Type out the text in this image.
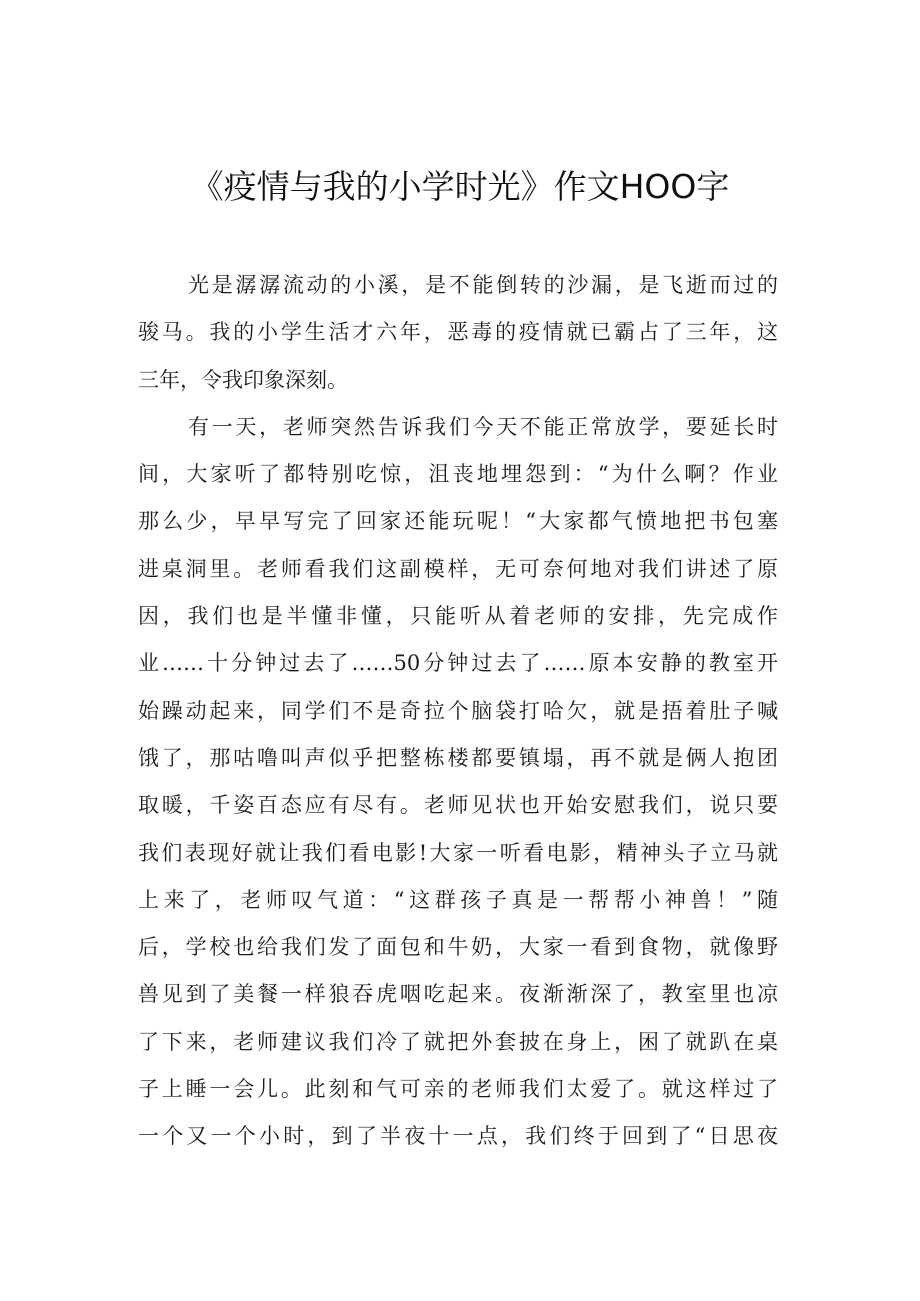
《疫情与我的小学时光》作文HOO字
光是潺潺流动的小溪，是不能倒转的沙漏，是飞逝而过的
骏马。我的小学生活才六年，恶毒的疫情就已霸占了三年，这
三年，令我印象深刻。
有一天，老师突然告诉我们今天不能正常放学，要延长时
间，大家听了都特别吃惊，沮丧地埋怨到：“为什么啊？作业
那么少，早早写完了回家还能玩呢！“大家都气愤地把书包塞
进桌洞里。老师看我们这副模样，无可奈何地对我们讲述了原
因，我们也是半懂非懂，只能听从着老师的安排，先完成作
业……十分钟过去了……50分钟过去了……原本安静的教室开
始躁动起来，同学们不是奇拉个脑袋打哈欠，就是捂着肚子喊
饿了，那咕噜叫声似乎把整栋楼都要镇塌，再不就是俩人抱团
取暖，千姿百态应有尽有。老师见状也开始安慰我们，说只要
我们表现好就让我们看电影!大家一听看电影，精神头子立马就
上来了，老师叹气道：“这群孩子真是一帮帮小神兽！”随
后，学校也给我们发了面包和牛奶，大家一看到食物，就像野
兽见到了美餐一样狼吞虎咽吃起来。夜渐渐深了，教室里也凉
了下来，老师建议我们冷了就把外套披在身上，困了就趴在桌
子上睡一会儿。此刻和气可亲的老师我们太爱了。就这样过了
一个又一个小时，到了半夜十一点，我们终于回到了“日思夜
